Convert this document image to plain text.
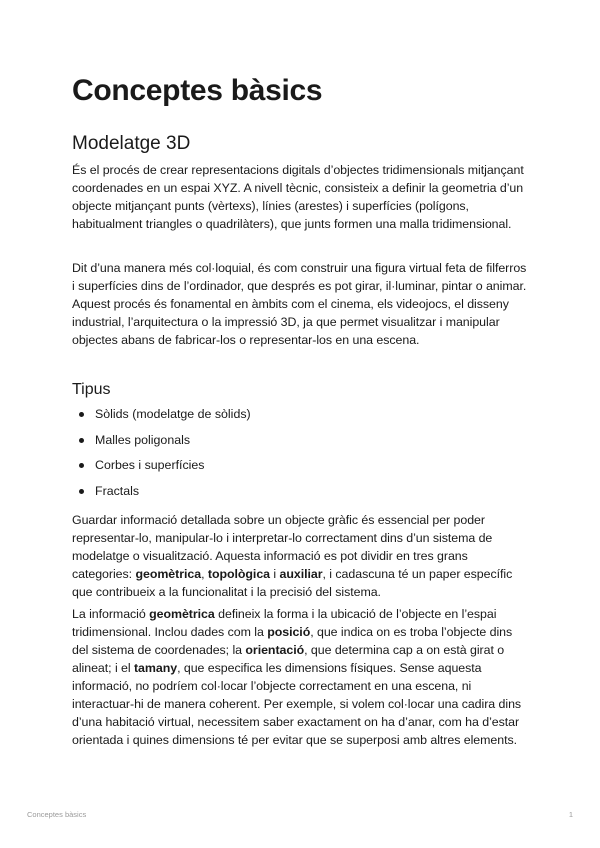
Conceptes bàsics
Modelatge 3D

És el procés de crear representacions digitals d’objectes tridimensionals mitjançant coordenades en un espai XYZ. A nivell tècnic, consisteix a definir la geometria d’un objecte mitjançant punts (vèrtexs), línies (arestes) i superfícies (polígons, habitualment triangles o quadrilàters), que junts formen una malla tridimensional.

Dit d’una manera més col·loquial, és com construir una figura virtual feta de filferros i superfícies dins de l’ordinador, que després es pot girar, il·luminar, pintar o animar. Aquest procés és fonamental en àmbits com el cinema, els videojocs, el disseny industrial, l’arquitectura o la impressió 3D, ja que permet visualitzar i manipular objectes abans de fabricar-los o representar-los en una escena.

Tipus
Sòlids (modelatge de sòlids)
Malles poligonals
Corbes i superfícies
Fractals

Guardar informació detallada sobre un objecte gràfic és essencial per poder representar-lo, manipular-lo i interpretar-lo correctament dins d’un sistema de modelatge o visualització. Aquesta informació es pot dividir en tres grans categories: geomètrica, topològica i auxiliar, i cadascuna té un paper específic que contribueix a la funcionalitat i la precisió del sistema.

La informació geomètrica defineix la forma i la ubicació de l’objecte en l’espai tridimensional. Inclou dades com la posició, que indica on es troba l’objecte dins del sistema de coordenades; la orientació, que determina cap a on està girat o alineat; i el tamany, que especifica les dimensions físiques. Sense aquesta informació, no podríem col·locar l’objecte correctament en una escena, ni interactuar-hi de manera coherent. Per exemple, si volem col·locar una cadira dins d’una habitació virtual, necessitem saber exactament on ha d’anar, com ha d’estar orientada i quines dimensions té per evitar que se superposi amb altres elements.

Conceptes bàsics	1
